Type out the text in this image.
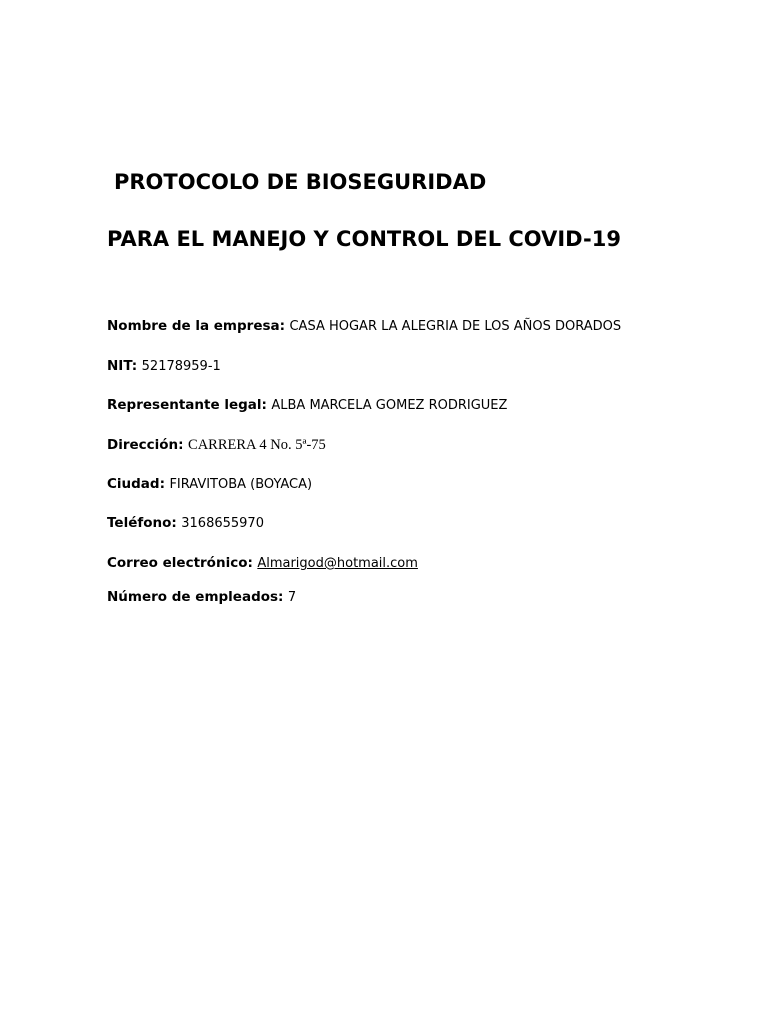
PROTOCOLO DE BIOSEGURIDAD
PARA EL MANEJO Y CONTROL DEL COVID-19

Nombre de la empresa: CASA HOGAR LA ALEGRIA DE LOS AÑOS DORADOS

NIT: 52178959-1

Representante legal: ALBA MARCELA GOMEZ RODRIGUEZ

Dirección: CARRERA 4 No. 5ª-75

Ciudad: FIRAVITOBA (BOYACA)

Teléfono: 3168655970

Correo electrónico: Almarigod@hotmail.com

Número de empleados: 7
